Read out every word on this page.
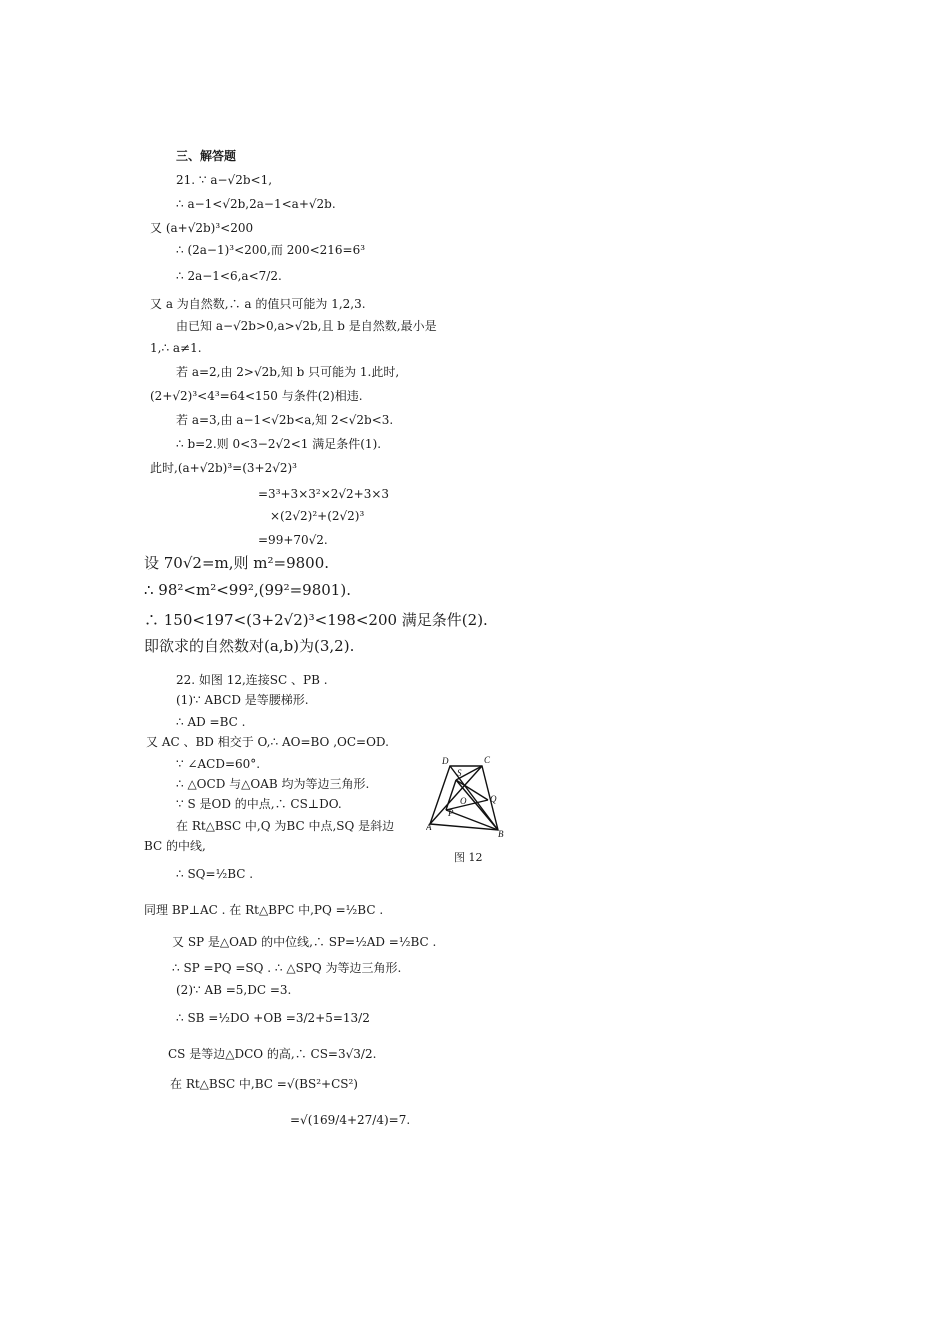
三、解答题
21. ∵ a−√2b<1,
∴ a−1<√2b,2a−1<a+√2b.
又 (a+√2b)³<200
∴ (2a−1)³<200,而 200<216=6³
∴ 2a−1<6,a<7/2.
又 a 为自然数,∴ a 的值只可能为 1,2,3.
由已知 a−√2b>0,a>√2b,且 b 是自然数,最小是
1,∴ a≠1.
若 a=2,由 2>√2b,知 b 只可能为 1.此时,
(2+√2)³<4³=64<150 与条件(2)相违.
若 a=3,由 a−1<√2b<a,知 2<√2b<3.
∴ b=2.则 0<3−2√2<1 满足条件(1).
此时,(a+√2b)³=(3+2√2)³
=3³+3×3²×2√2+3×3
×(2√2)²+(2√2)³
=99+70√2.
设 70√2=m,则 m²=9800.
∴ 98²<m²<99²,(99²=9801).
∴ 150<197<(3+2√2)³<198<200 满足条件(2).
即欲求的自然数对(a,b)为(3,2).
22. 如图 12,连接SC 、PB .
(1)∵ ABCD 是等腰梯形.
∴ AD =BC .
又 AC 、BD 相交于 O,∴ AO=BO ,OC=OD.
∵ ∠ACD=60°.
∴ △OCD 与△OAB 均为等边三角形.
∵ S 是OD 的中点,∴ CS⊥DO.
在 Rt△BSC 中,Q 为BC 中点,SQ 是斜边
BC 的中线,
∴ SQ=½BC .
同理 BP⊥AC . 在 Rt△BPC 中,PQ =½BC .
又 SP 是△OAD 的中位线,∴ SP=½AD =½BC .
∴ SP =PQ =SQ . ∴ △SPQ 为等边三角形.
(2)∵ AB =5,DC =3.
∴ SB =½DO +OB =3/2+5=13/2
CS 是等边△DCO 的高,∴ CS=3√3/2.
在 Rt△BSC 中,BC =√(BS²+CS²)
=√(169/4+27/4)=7.
D	C
S
Q
O
P
A
B
图 12
